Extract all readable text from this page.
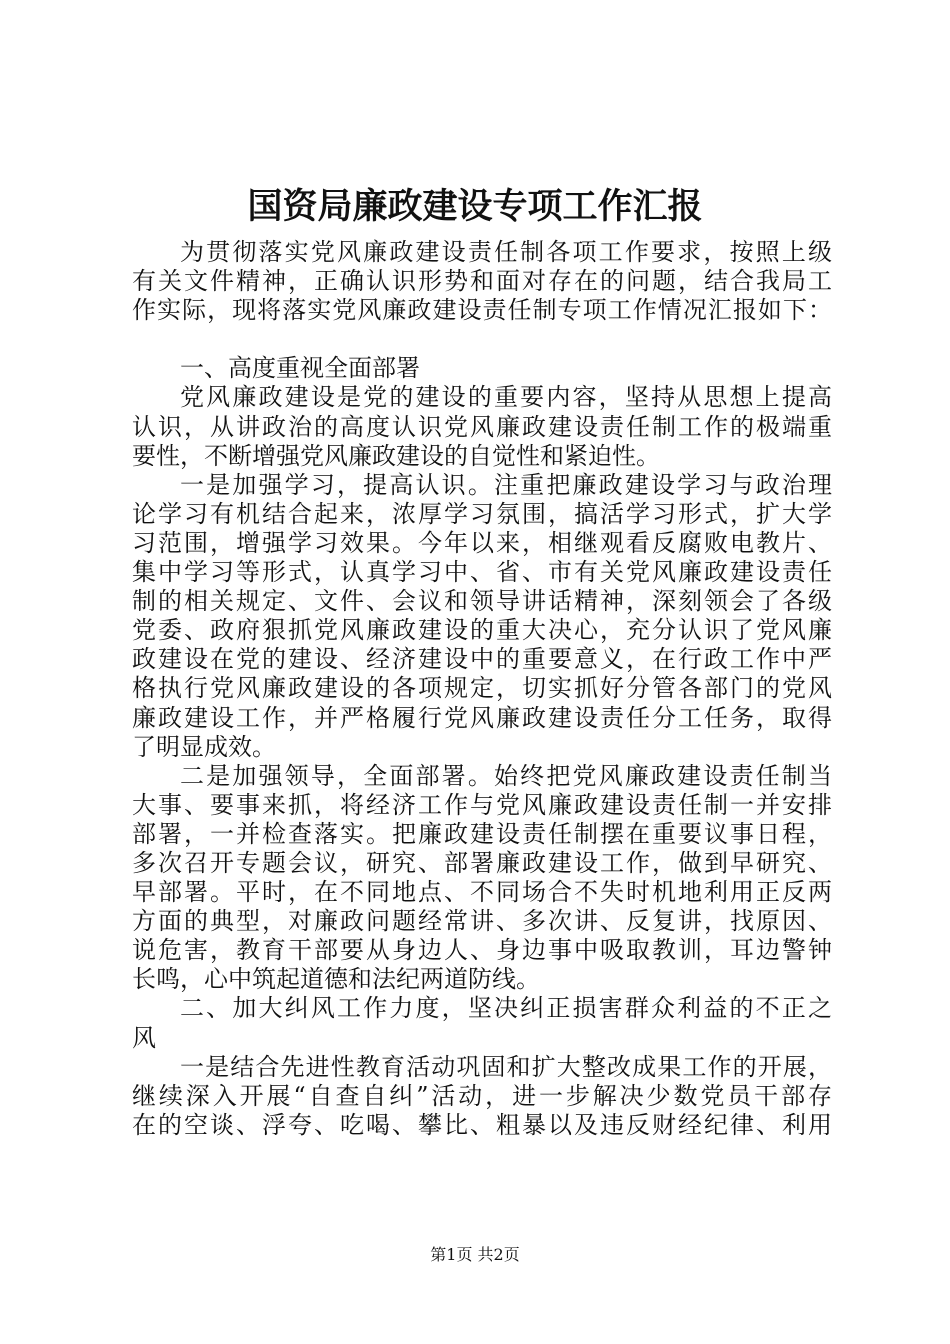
国资局廉政建设专项工作汇报
为贯彻落实党风廉政建设责任制各项工作要求，按照上级
有关文件精神，正确认识形势和面对存在的问题，结合我局工
作实际，现将落实党风廉政建设责任制专项工作情况汇报如下：
一、高度重视全面部署
党风廉政建设是党的建设的重要内容，坚持从思想上提高
认识，从讲政治的高度认识党风廉政建设责任制工作的极端重
要性，不断增强党风廉政建设的自觉性和紧迫性。
一是加强学习，提高认识。注重把廉政建设学习与政治理
论学习有机结合起来，浓厚学习氛围，搞活学习形式，扩大学
习范围，增强学习效果。今年以来，相继观看反腐败电教片、
集中学习等形式，认真学习中、省、市有关党风廉政建设责任
制的相关规定、文件、会议和领导讲话精神，深刻领会了各级
党委、政府狠抓党风廉政建设的重大决心，充分认识了党风廉
政建设在党的建设、经济建设中的重要意义，在行政工作中严
格执行党风廉政建设的各项规定，切实抓好分管各部门的党风
廉政建设工作，并严格履行党风廉政建设责任分工任务，取得
了明显成效。
二是加强领导，全面部署。始终把党风廉政建设责任制当
大事、要事来抓，将经济工作与党风廉政建设责任制一并安排
部署，一并检查落实。把廉政建设责任制摆在重要议事日程，
多次召开专题会议，研究、部署廉政建设工作，做到早研究、
早部署。平时，在不同地点、不同场合不失时机地利用正反两
方面的典型，对廉政问题经常讲、多次讲、反复讲，找原因、
说危害，教育干部要从身边人、身边事中吸取教训，耳边警钟
长鸣，心中筑起道德和法纪两道防线。
二、加大纠风工作力度，坚决纠正损害群众利益的不正之
风
一是结合先进性教育活动巩固和扩大整改成果工作的开展，
继续深入开展“自查自纠”活动，进一步解决少数党员干部存
在的空谈、浮夸、吃喝、攀比、粗暴以及违反财经纪律、利用
第1页 共2页
